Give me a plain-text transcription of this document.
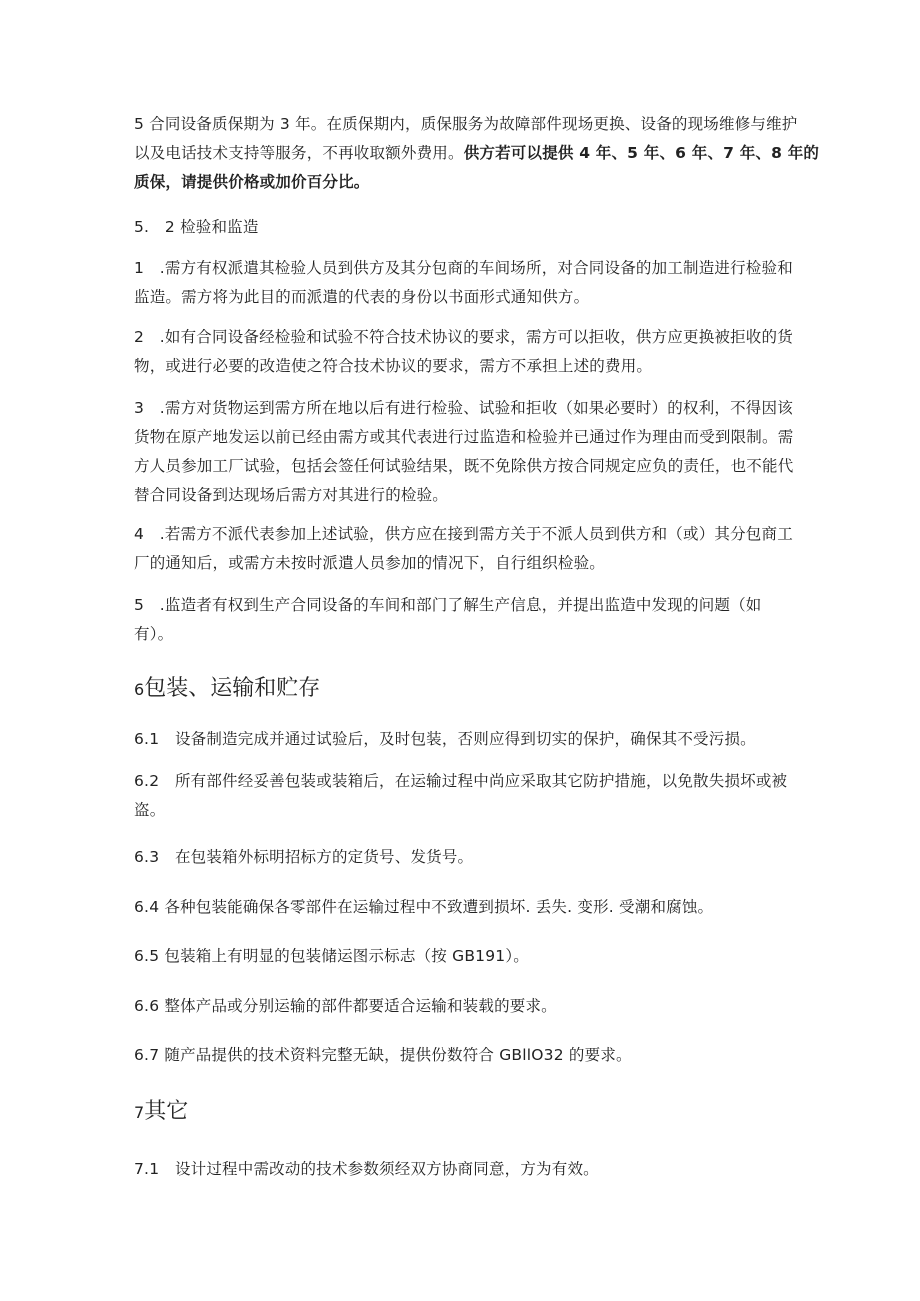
5 合同设备质保期为 3 年。在质保期内，质保服务为故障部件现场更换、设备的现场维修与维护
以及电话技术支持等服务，不再收取额外费用。供方若可以提供 4 年、5 年、6 年、7 年、8 年的
质保，请提供价格或加价百分比。

5.　2 检验和监造

1　.需方有权派遣其检验人员到供方及其分包商的车间场所，对合同设备的加工制造进行检验和
监造。需方将为此目的而派遣的代表的身份以书面形式通知供方。

2　.如有合同设备经检验和试验不符合技术协议的要求，需方可以拒收，供方应更换被拒收的货
物，或进行必要的改造使之符合技术协议的要求，需方不承担上述的费用。

3　.需方对货物运到需方所在地以后有进行检验、试验和拒收（如果必要时）的权利，不得因该
货物在原产地发运以前已经由需方或其代表进行过监造和检验并已通过作为理由而受到限制。需
方人员参加工厂试验，包括会签任何试验结果，既不免除供方按合同规定应负的责任，也不能代
替合同设备到达现场后需方对其进行的检验。

4　.若需方不派代表参加上述试验，供方应在接到需方关于不派人员到供方和（或）其分包商工
厂的通知后，或需方未按时派遣人员参加的情况下，自行组织检验。

5　.监造者有权到生产合同设备的车间和部门了解生产信息，并提出监造中发现的问题（如
有）。

6包装、运输和贮存

6.1　设备制造完成并通过试验后，及时包装，否则应得到切实的保护，确保其不受污损。

6.2　所有部件经妥善包装或装箱后，在运输过程中尚应采取其它防护措施，以免散失损坏或被
盗。

6.3　在包装箱外标明招标方的定货号、发货号。

6.4 各种包装能确保各零部件在运输过程中不致遭到损坏. 丢失. 变形. 受潮和腐蚀。

6.5 包装箱上有明显的包装储运图示标志（按 GB191）。

6.6 整体产品或分别运输的部件都要适合运输和装载的要求。

6.7 随产品提供的技术资料完整无缺，提供份数符合 GBllO32 的要求。

7其它

7.1　设计过程中需改动的技术参数须经双方协商同意，方为有效。
